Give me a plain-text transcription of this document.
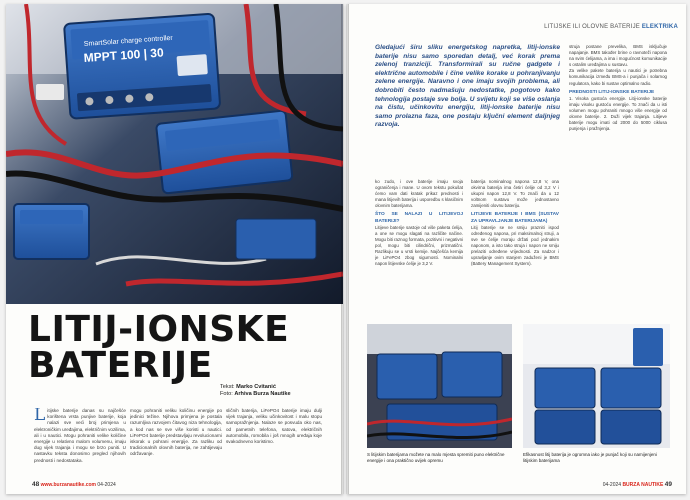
SmartSolar charge controller
MPPT 100 | 30
LITIJ-IONSKE
BATERIJE
Tekst: Marko Cvitanić
Foto: Arhiva Burza Nautike
L itijske baterije danas su najčešće korištena vrsta punjive baterije, koja nalazi sve veći broj primjena u elektroničkim uređajima, električnim vozilima, ali i u nautici. Mogu pohraniti velike količine energije u relativno malom volumenu, imaju dug vijek trajanja i mogu se brzo puniti. U nastavku teksta donosimo pregled njihovih prednosti i nedostataka.
mogu pohraniti veliku količinu energije po jedinici težine. Njihova primjena je postala razumljiva razvojem čitavog niza tehnologija, a kod nas se sve više koristi u nautici. LiFePO4 baterije predstavljaju revolucionarni iskorak u pohrani energije. Za razliku od tradicionalnih olovnih baterija, ne zahtijevaju održavanje.
sličnih baterija, LiFePO4 baterije imaju dulji vijek trajanja, veliku učinkovitost i malu stopu samopražnjenja. Nalaze se posvuda oko nas, od pametnih telefona, satova, električnih automobila, romobila i još mnogih uređaja koje svakodnevno koristimo.
48 www.burzanautike.com 04-2024
LITIJSKE ILI OLOVNE BATERIJE ELEKTRIKA

Gledajući širu sliku energetskog napretka, litij-ionske baterije nisu samo sporedan detalj, već korak prema zelenoj tranziciji. Transformirali su ručne gadgete i električne automobile i čine velike korake u pohranjivanju zelene energije. Naravno i one imaju svojih problema, ali dobrobiti često nadmašuju nedostatke, pogotovo kako tehnologija postaje sve bolja. U svijetu koji se više oslanja na čistu, učinkovitu energiju, litij-ionske baterije nisu samo prolazna faza, one postaju ključni element daljnjeg razvoja.

ko zudo, i ove baterije imaju svoja ograničenja i mane. U ovom tekstu pokušat ćemo vam dati kratak prikaz prednosti i mana litijevih baterija i usporedbu s klasičnim olovnim baterijama.
ŠTO SE NALAZI U LITIJEVOJ BATERIJI?
Litijeve baterije sastoje od više paketa ćelija, a one se mogu slagati na različite načine. Mogu biti raznog formata, pozitivni i negativni pol, mogu biti cilindrični, prizmatični. Razlikuju se u vrsti kemije. Najčešća kemija je LiFePO4 zbog sigurnosti. Nominalni napon litijevske ćelije je 3,2 V.
baterija nominalnog napona 12,8 V, ona okvirna baterija ima četiri ćelije od 3,2 V i ukupni napon 12,8 V. To znači da u 12 voltnom sustavu može jednostavno zamijeniti olovnu bateriju.
LITIJEVE BATERIJE I BMS (SUSTAV ZA UPRAVLJANJE BATERIJAMA)
Litij baterije se ne smiju prazniti ispod određenog napona, pri maksimalnoj struji, a sve se ćelije moraju držati pod jednakim naponom, a isto tako struja i napon ne smiju prelaziti određene vrijednosti. Za nadzor i upravljanje ovim stanjem zaduženi je BMS (Battery Management System).
struja postane prevelika, BMS isključuje napajanje. BMS također brine o ravnoteži napona na svim ćelijama, a ima i mogućnost komunikacije s ostalim uređajima u sustavu.
Za velike pakete baterija u nautici je potrebna komunikacija između BMS-a i punjača i solarnog regulatora, kako bi sustav optimalno radio.
PREDNOSTI LITIJ-IONSKE BATERIJE
1. Visoka gustoća energije. Litij-ionske baterije imaju visoku gustoću energije. To znači da u isti volumen mogu pohraniti mnogo više energije od olovne baterije. 2. Duži vijek trajanja. Litijeve baterije mogu imati od 2000 do 5000 ciklusa punjenja i pražnjenja.
S litijskim baterijama možete na malo mjesta spremiti puno električne energije i ona praktično uvijek opremu
Efikasnost litij baterija je ogromna iako je punjač koji su namijenjeni litijskim baterijama
04-2024 BURZA NAUTIKE 49
